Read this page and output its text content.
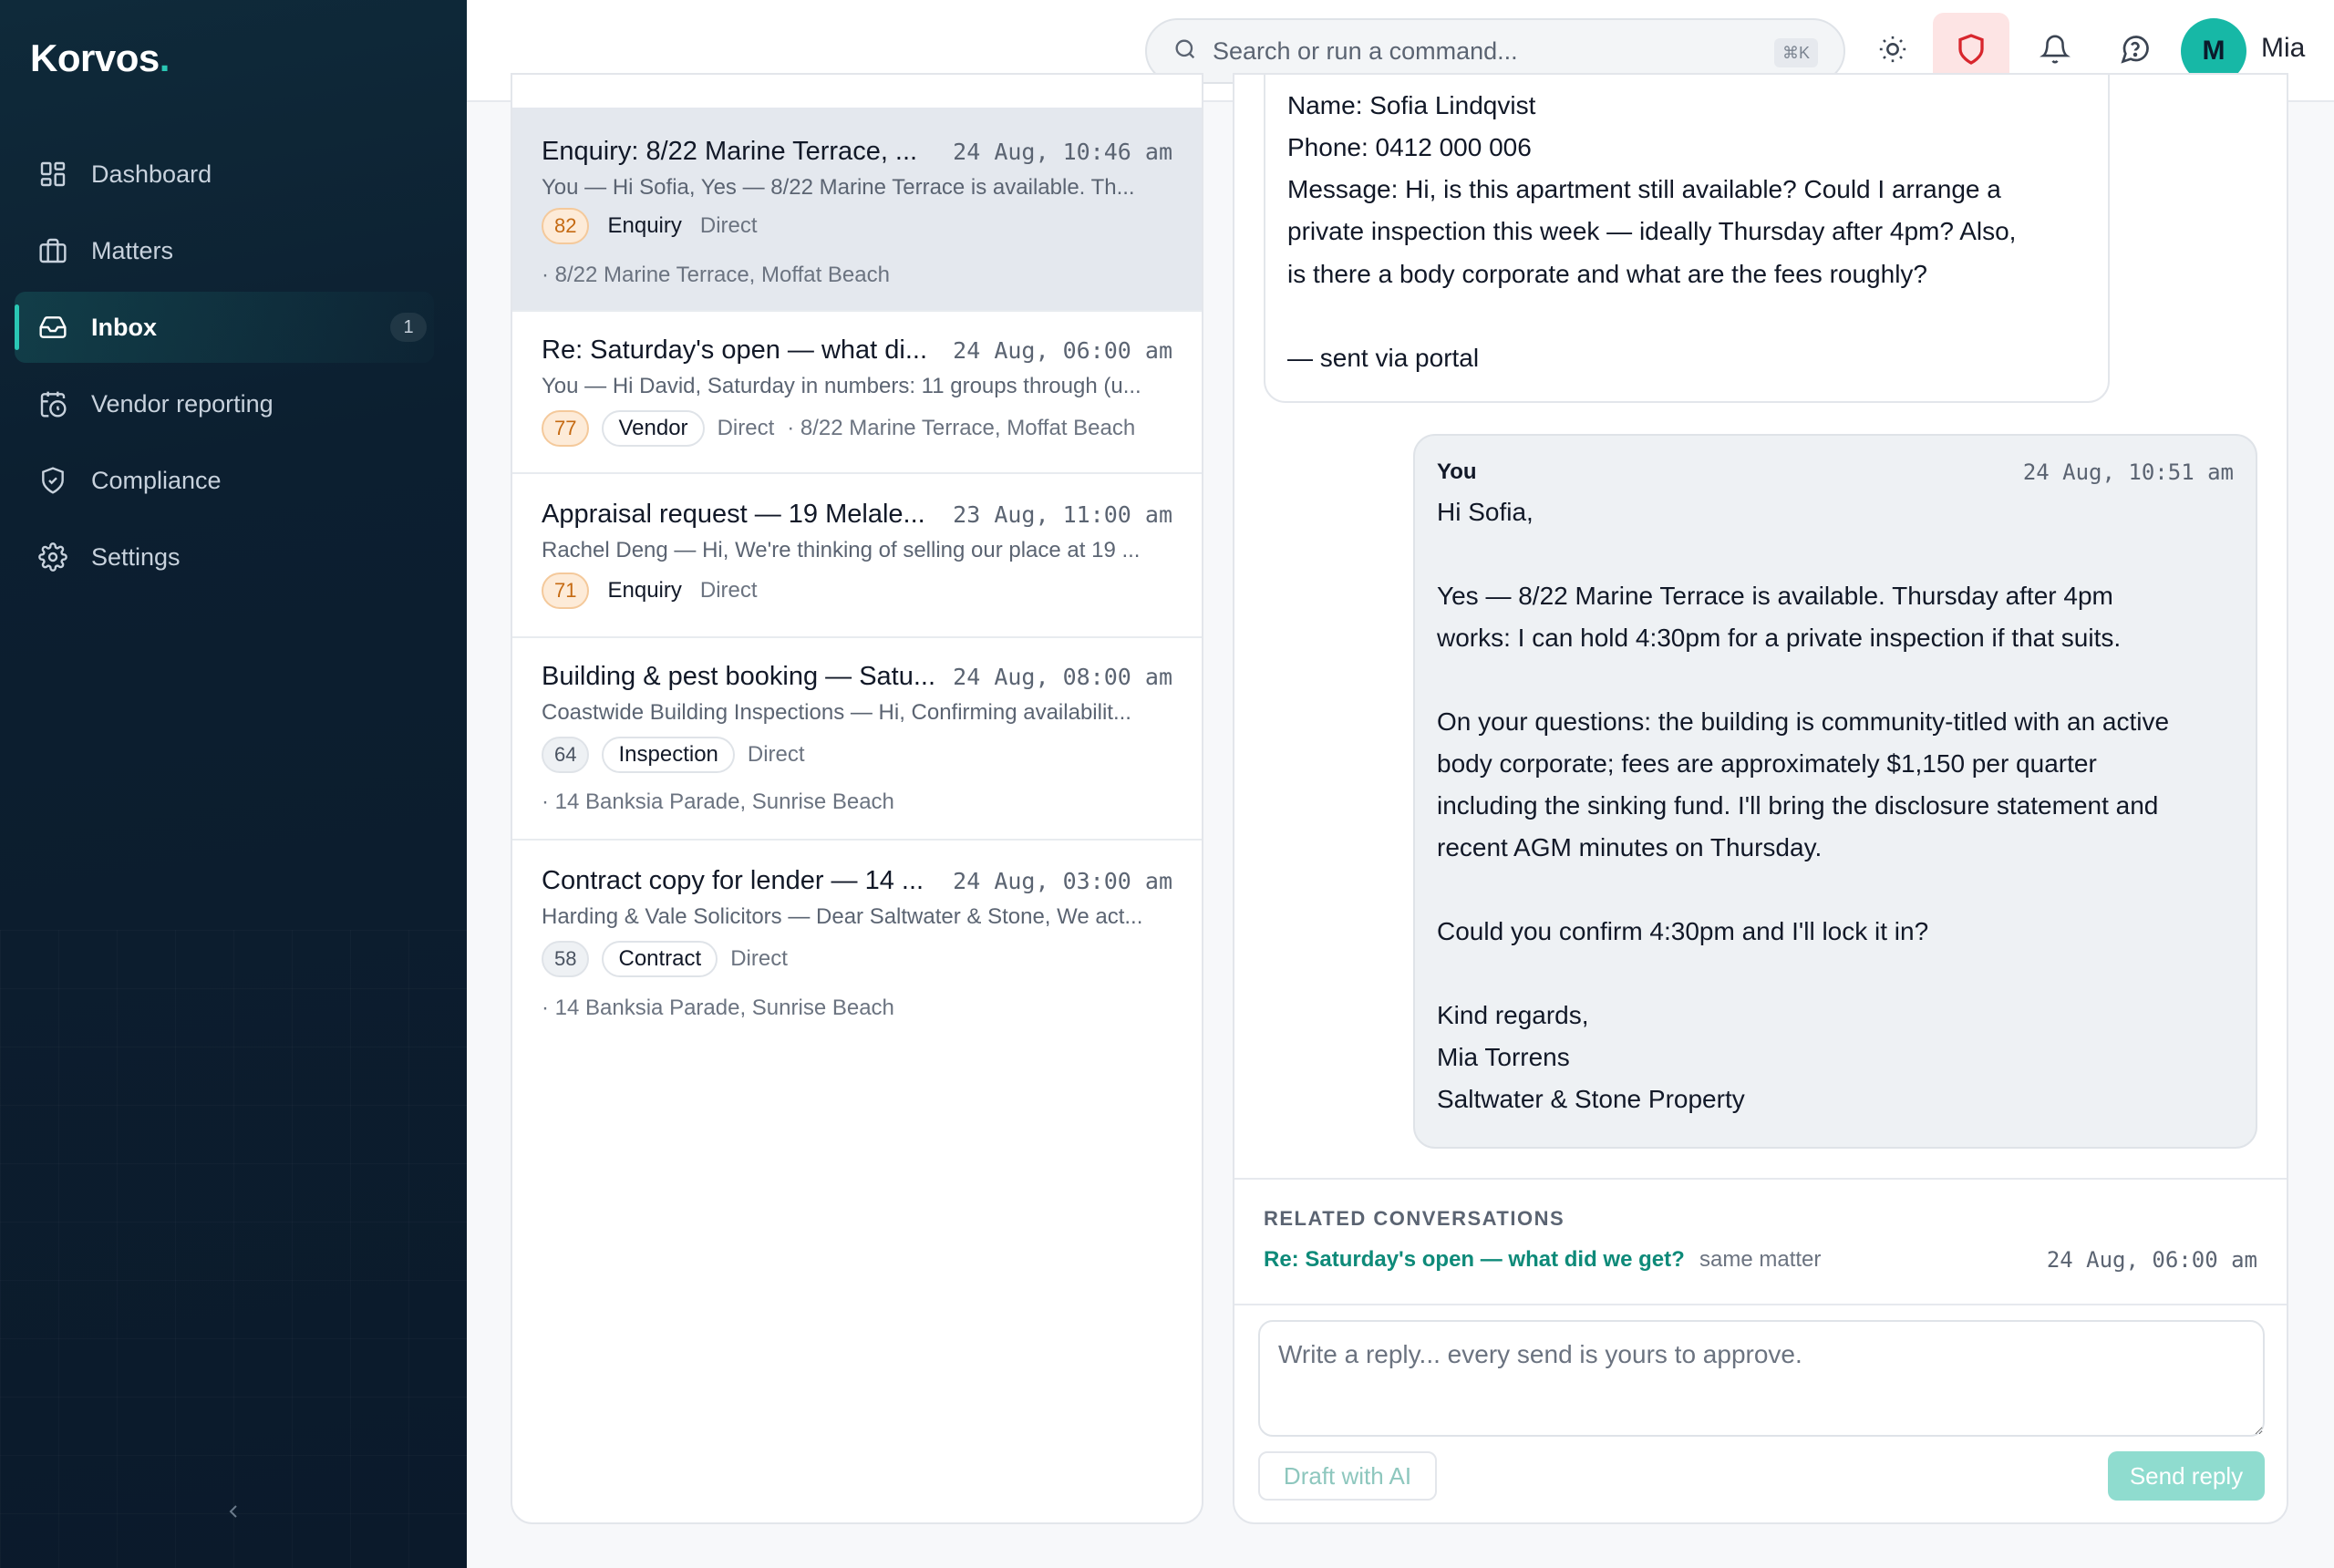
Korvos.
Dashboard
Matters
Inbox	1
Vendor reporting
Compliance
Settings
Search or run a command...
⌘K	M	Mia
Enquiry: 8/22 Marine Terrace, ...	24 Aug, 10:46 am
You — Hi Sofia, Yes — 8/22 Marine Terrace is available. Th...
82	Enquiry Direct
· 8/22 Marine Terrace, Moffat Beach
Re: Saturday's open — what di...	24 Aug, 06:00 am
You — Hi David, Saturday in numbers: 11 groups through (u...
77	Vendor	Direct · 8/22 Marine Terrace, Moffat Beach
Appraisal request — 19 Melale...	23 Aug, 11:00 am
Rachel Deng — Hi, We're thinking of selling our place at 19 ...
71	Enquiry Direct
Building & pest booking — Satu... 24 Aug, 08:00 am
Coastwide Building Inspections — Hi, Confirming availabilit...
64	Inspection	Direct
· 14 Banksia Parade, Sunrise Beach
Contract copy for lender — 14 ...	24 Aug, 03:00 am
Harding & Vale Solicitors — Dear Saltwater & Stone, We act...
58	Contract	Direct
· 14 Banksia Parade, Sunrise Beach
Name: Sofia Lindqvist
Phone: 0412 000 006
Message: Hi, is this apartment still available? Could I arrange a
private inspection this week — ideally Thursday after 4pm? Also,
is there a body corporate and what are the fees roughly?
— sent via portal
You	24 Aug, 10:51 am
Hi Sofia,
Yes — 8/22 Marine Terrace is available. Thursday after 4pm
works: I can hold 4:30pm for a private inspection if that suits.
On your questions: the building is community-titled with an active
body corporate; fees are approximately $1,150 per quarter
including the sinking fund. I'll bring the disclosure statement and
recent AGM minutes on Thursday.
Could you confirm 4:30pm and I'll lock it in?
Kind regards,
Mia Torrens
Saltwater & Stone Property
RELATED CONVERSATIONS
Re: Saturday's open — what did we get? same matter	24 Aug, 06:00 am
Write a reply... every send is yours to approve.
Draft with AI	Send reply
